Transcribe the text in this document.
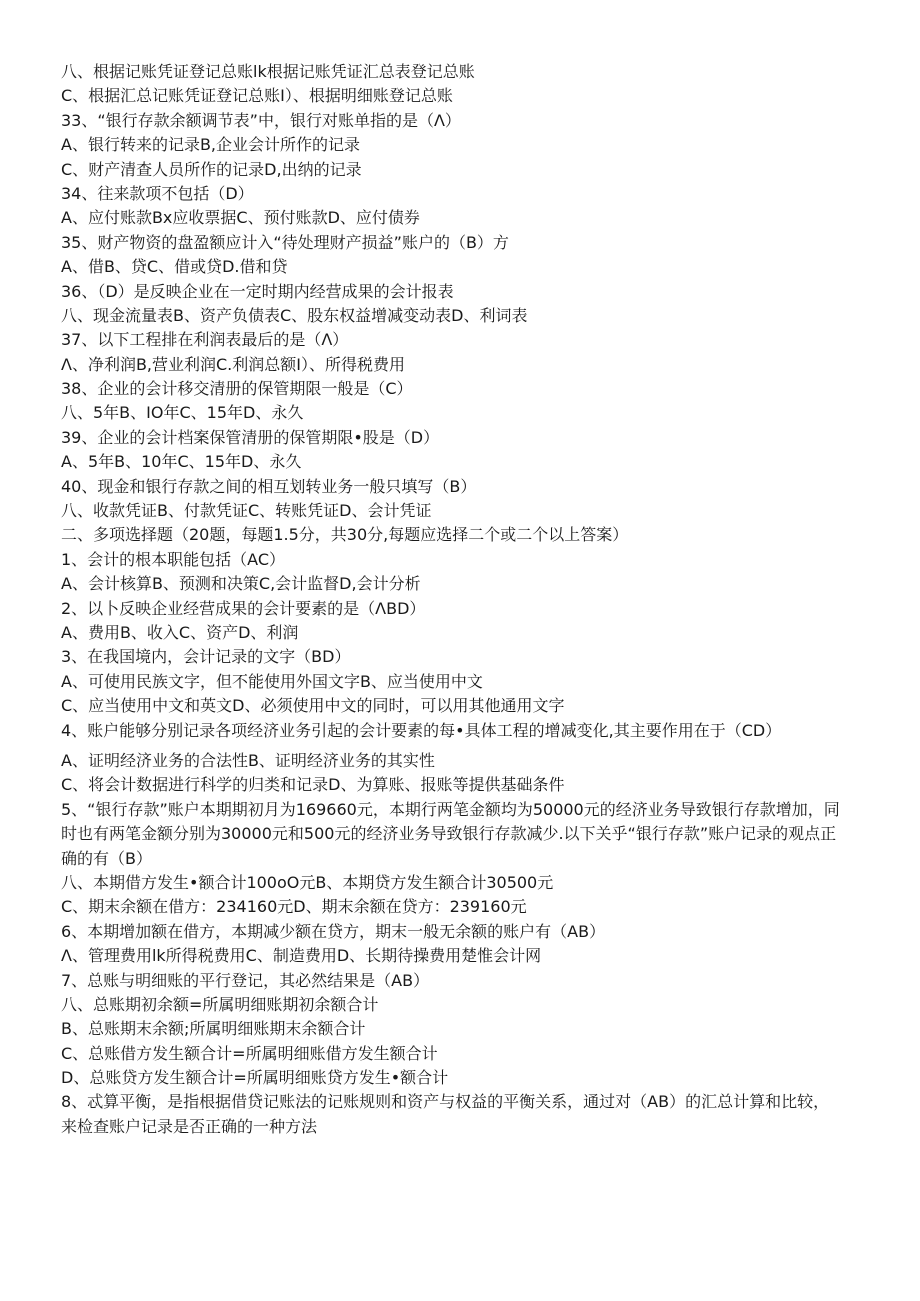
八、根据记账凭证登记总账lk根据记账凭证汇总表登记总账

C、根据汇总记账凭证登记总账I）、根据明细账登记总账

33、“银行存款余额调节表”中，银行对账单指的是（Λ）

A、银行转来的记录B,企业会计所作的记录

C、财产清查人员所作的记录D,出纳的记录

34、往来款项不包括（D）

A、应付账款Bx应收票据C、预付账款D、应付债券

35、财产物资的盘盈额应计入“待处理财产损益”账户的（B）方

A、借B、贷C、借或贷D.借和贷

36、（D）是反映企业在一定时期内经营成果的会计报表

八、现金流量表B、资产负债表C、股东权益增减变动表D、利词表

37、以下工程排在利润表最后的是（Λ）

Λ、净利润B,营业利润C.利润总额I）、所得税费用

38、企业的会计移交清册的保管期限一般是（C）

八、5年B、IO年C、15年D、永久

39、企业的会计档案保管清册的保管期限•股是（D）

A、5年B、10年C、15年D、永久

40、现金和银行存款之间的相互划转业务一般只填写（B）

八、收款凭证B、付款凭证C、转账凭证D、会计凭证

二、多项选择题（20题，每题1.5分，共30分,每题应选择二个或二个以上答案）

1、会计的根本职能包括（AC）

A、会计核算B、预测和决策C,会计监督D,会计分析

2、以卜反映企业经营成果的会计要素的是（ΛBD）

A、费用B、收入C、资产D、利润

3、在我国境内，会计记录的文字（BD）

A、可使用民族文字，但不能使用外国文字B、应当使用中文

C、应当使用中文和英文D、必须使用中文的同时，可以用其他通用文字

4、账户能够分别记录各项经济业务引起的会计要素的每•具体工程的增减变化,其主要作用在于（CD）

A、证明经济业务的合法性B、证明经济业务的其实性

C、将会计数据进行科学的归类和记录D、为算账、报账等提供基础条件

5、“银行存款”账户本期期初月为169660元，本期行两笔金额均为50000元的经济业务导致银行存款增加，同时也有两笔金额分别为30000元和500元的经济业务导致银行存款减少.以下关乎“银行存款”账户记录的观点正确的有（B）

八、本期借方发生•额合计100oO元B、本期贷方发生额合计30500元

C、期末余额在借方：234160元D、期末余额在贷方：239160元

6、本期增加额在借方，本期减少额在贷方，期末一般无余额的账户有（AB）

Λ、管理费用lk所得税费用C、制造费用D、长期待操费用楚惟会计网

7、总账与明细账的平行登记，其必然结果是（AB）

八、总账期初余额=所属明细账期初余额合计

B、总账期末余额;所属明细账期末余额合计

C、总账借方发生额合计=所属明细账借方发生额合计

D、总账贷方发生额合计=所属明细账贷方发生•额合计

8、忒算平衡，是指根据借贷记账法的记账规则和资产与权益的平衡关系，通过对（AB）的汇总计算和比较，来检查账户记录是否正确的一种方法
